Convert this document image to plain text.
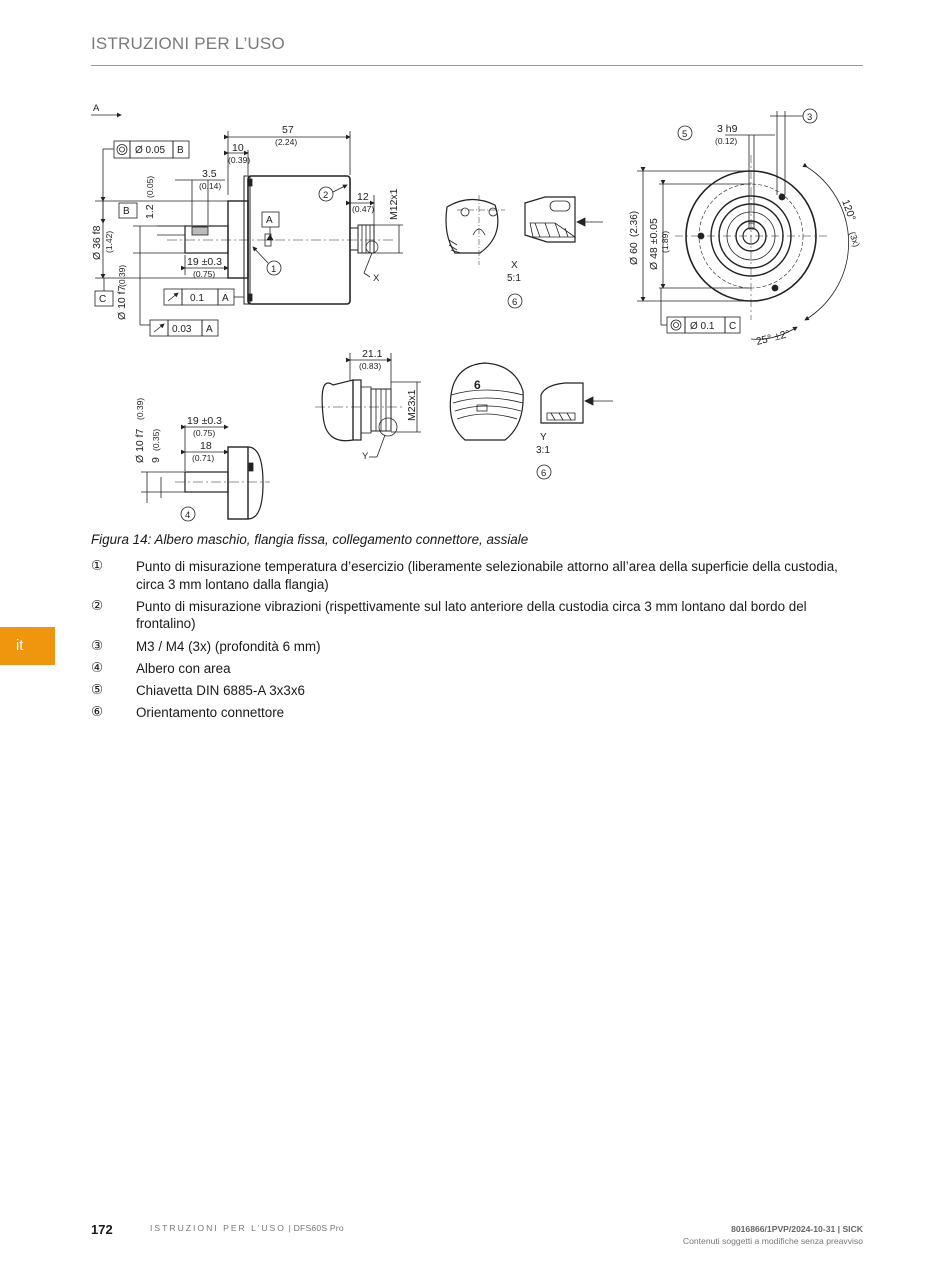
ISTRUZIONI PER L’USO
A
57
(2.24)
10
(0.39)
3.5
(0.14)
1.2
(0.05)
B
Ø 0.05 B
Ø 36 f8 (1.42)
C Ø 10 f7
(0.39)
19 ±0.3
(0.75)
0.1 A
0.03 A
A
1
2	12
(0.47) M12x1
X
X
5:1
6
3 h9
(0.12)
5
3
Ø 60
(2.36) Ø 48 ±0.05 (1.89)
120°
(3x)
25° ±2°
Ø 0.1 C
21.1
(0.83)
M23x1
Y
6
Y
3:1
6
19 ±0.3
(0.75)
18
(0.71)
Ø 10 f7
(0.39)
9
(0.35)
4
Figura 14: Albero maschio, flangia fissa, collegamento connettore, assiale
①	Punto di misurazione temperatura d’esercizio (liberamente selezionabile attorno all’area della superficie della custodia, circa 3 mm lontano dalla flangia)
②	Punto di misurazione vibrazioni (rispettivamente sul lato anteriore della custodia circa 3 mm lontano dal bordo del frontalino)
③	M3 / M4 (3x) (profondità 6 mm)
④	Albero con area
⑤	Chiavetta DIN 6885-A 3x3x6
⑥	Orientamento connettore
it
172	ISTRUZIONI PER L’USO | DFS60S Pro	8016866/1PVP/2024-10-31 | SICK
Contenuti soggetti a modifiche senza preavviso
